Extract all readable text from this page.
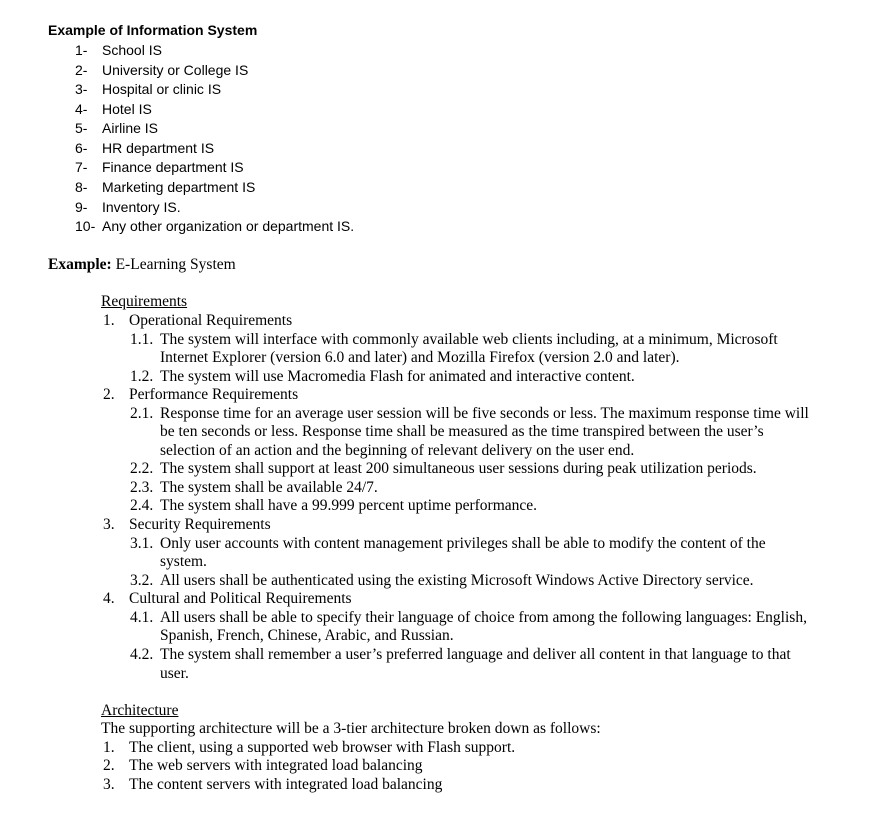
Example of Information System
1- School IS
2- University or College IS
3- Hospital or clinic IS
4- Hotel IS
5- Airline IS
6- HR department IS
7- Finance department IS
8- Marketing department IS
9- Inventory IS.
10- Any other organization or department IS.
Example: E-Learning System
Requirements
1. Operational Requirements
1.1. The system will interface with commonly available web clients including, at a minimum, Microsoft
Internet Explorer (version 6.0 and later) and Mozilla Firefox (version 2.0 and later).
1.2. The system will use Macromedia Flash for animated and interactive content.
2. Performance Requirements
2.1. Response time for an average user session will be five seconds or less. The maximum response time will
be ten seconds or less. Response time shall be measured as the time transpired between the user’s
selection of an action and the beginning of relevant delivery on the user end.
2.2. The system shall support at least 200 simultaneous user sessions during peak utilization periods.
2.3. The system shall be available 24/7.
2.4. The system shall have a 99.999 percent uptime performance.
3. Security Requirements
3.1. Only user accounts with content management privileges shall be able to modify the content of the
system.
3.2. All users shall be authenticated using the existing Microsoft Windows Active Directory service.
4. Cultural and Political Requirements
4.1. All users shall be able to specify their language of choice from among the following languages: English,
Spanish, French, Chinese, Arabic, and Russian.
4.2. The system shall remember a user’s preferred language and deliver all content in that language to that
user.
Architecture
The supporting architecture will be a 3-tier architecture broken down as follows:
1. The client, using a supported web browser with Flash support.
2. The web servers with integrated load balancing
3. The content servers with integrated load balancing
